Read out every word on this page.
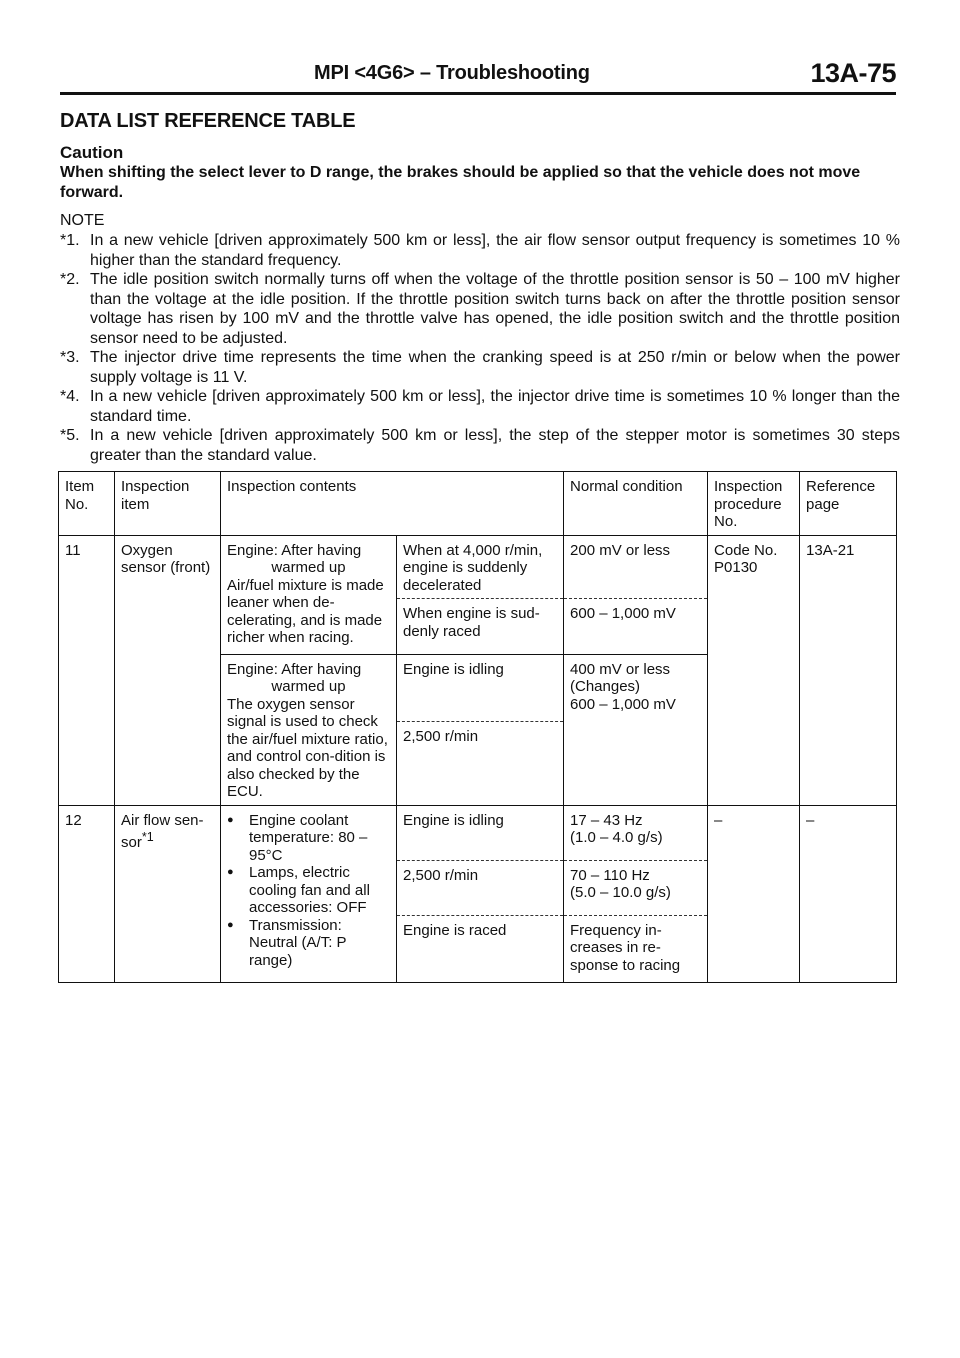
MPI <4G6> – Troubleshooting	13A-75
DATA LIST REFERENCE TABLE
Caution
When shifting the select lever to D range, the brakes should be applied so that the vehicle does not move forward.
NOTE
*1. In a new vehicle [driven approximately 500 km or less], the air flow sensor output frequency is sometimes 10 % higher than the standard frequency.
*2. The idle position switch normally turns off when the voltage of the throttle position sensor is 50 – 100 mV higher than the voltage at the idle position. If the throttle position switch turns back on after the throttle position sensor voltage has risen by 100 mV and the throttle valve has opened, the idle position switch and the throttle position sensor need to be adjusted.
*3. The injector drive time represents the time when the cranking speed is at 250 r/min or below when the power supply voltage is 11 V.
*4. In a new vehicle [driven approximately 500 km or less], the injector drive time is sometimes 10 % longer than the standard time.
*5. In a new vehicle [driven approximately 500 km or less], the step of the stepper motor is sometimes 30 steps greater than the standard value.
Item No.	Inspection item	Inspection contents		Normal condition	Inspection procedure No.	Reference page
11	Oxygen sensor (front)	Engine: After having
warmed up
Air/fuel mixture is made leaner when de-celerating, and is made richer when racing.	When at 4,000 r/min, engine is suddenly decelerated	200 mV or less	Code No. P0130	13A-21
			When engine is sud-denly raced	600 – 1,000 mV		
		Engine: After having
warmed up
The oxygen sensor signal is used to check the air/fuel mixture ratio, and control con-dition is also checked by the ECU.	Engine is idling	400 mV or less
(Changes)
600 – 1,000 mV		

			2,500 r/min			
12	Air flow sen-sor$^{*1}$	● Engine coolant temperature: 80 – 95°C
● Lamps, electric cooling fan and all accessories: OFF
● Transmission: Neutral (A/T: P range)	Engine is idling	17 – 43 Hz
(1.0 – 4.0 g/s)	–	–
			2,500 r/min	70 – 110 Hz
(5.0 – 10.0 g/s)		

			Engine is raced	Frequency in-creases in re-sponse to racing		
